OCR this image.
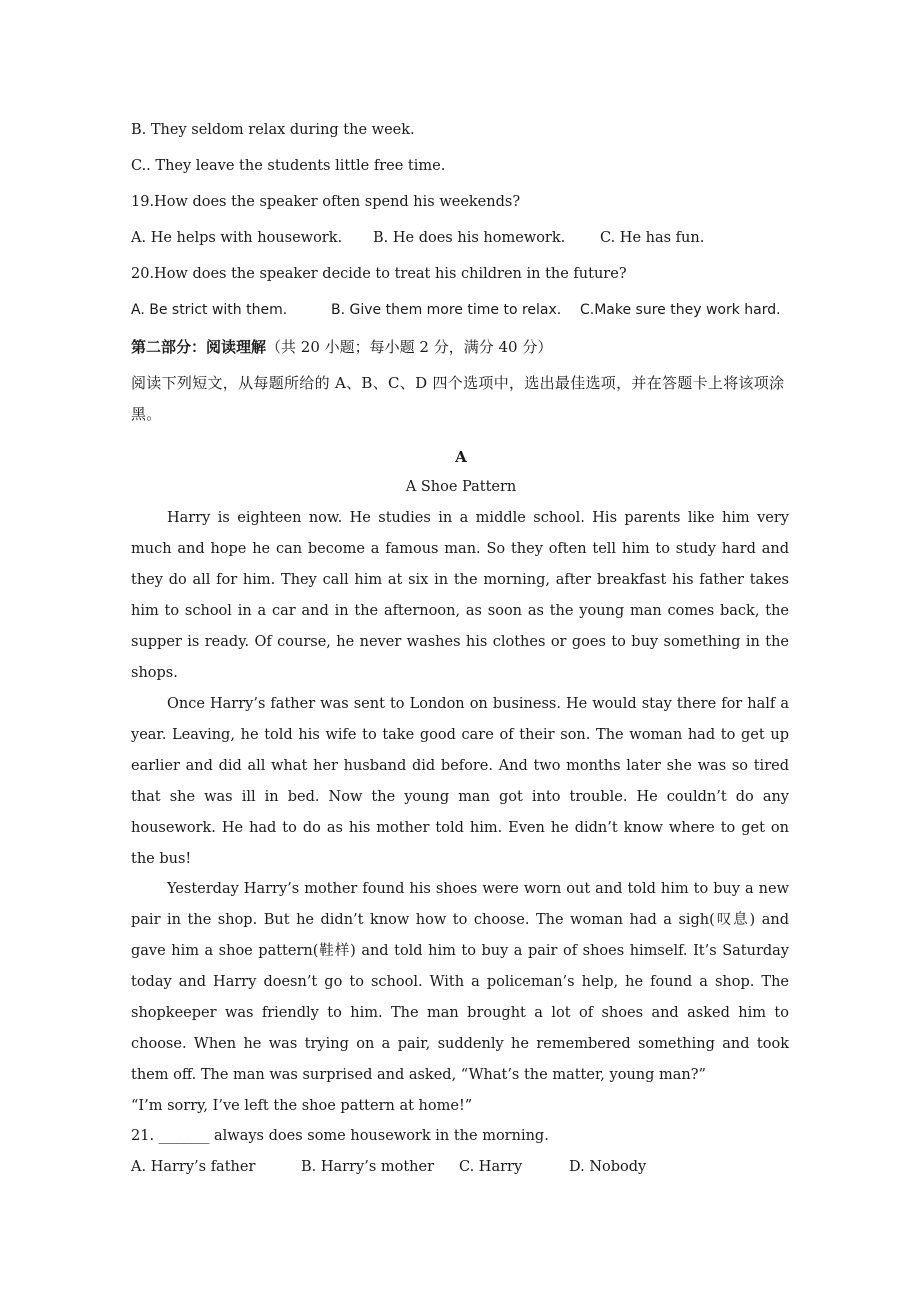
B. They seldom relax during the week.
C.. They leave the students little free time.
19.How does the speaker often spend his weekends?
A. He helps with housework. B. He does his homework. C. He has fun.
20.How does the speaker decide to treat his children in the future?
A. Be strict with them.	B. Give them more time to relax. C.Make sure they work hard.
第二部分：阅读理解（共 20 小题；每小题 2 分，满分 40 分）
阅读下列短文，从每题所给的 A、B、C、D 四个选项中，选出最佳选项，并在答题卡上将该项涂黑。
A
A Shoe Pattern

Harry is eighteen now. He studies in a middle school. His parents like him very much and hope he can become a famous man. So they often tell him to study hard and they do all for him. They call him at six in the morning, after breakfast his father takes him to school in a car and in the afternoon, as soon as the young man comes back, the supper is ready. Of course, he never washes his clothes or goes to buy something in the shops.

Once Harry’s father was sent to London on business. He would stay there for half a year. Leaving, he told his wife to take good care of their son. The woman had to get up earlier and did all what her husband did before. And two months later she was so tired that she was ill in bed. Now the young man got into trouble. He couldn’t do any housework. He had to do as his mother told him. Even he didn’t know where to get on the bus!

Yesterday Harry’s mother found his shoes were worn out and told him to buy a new pair in the shop. But he didn’t know how to choose. The woman had a sigh(叹息) and gave him a shoe pattern(鞋样) and told him to buy a pair of shoes himself. It’s Saturday today and Harry doesn’t go to school. With a policeman’s help, he found a shop. The shopkeeper was friendly to him. The man brought a lot of shoes and asked him to choose. When he was trying on a pair, suddenly he remembered something and took them off. The man was surprised and asked, “What’s the matter, young man?”

“I’m sorry, I’ve left the shoe pattern at home!”
21. _______ always does some housework in the morning.
A. Harry’s father	B. Harry’s mother C. Harry	D. Nobody
